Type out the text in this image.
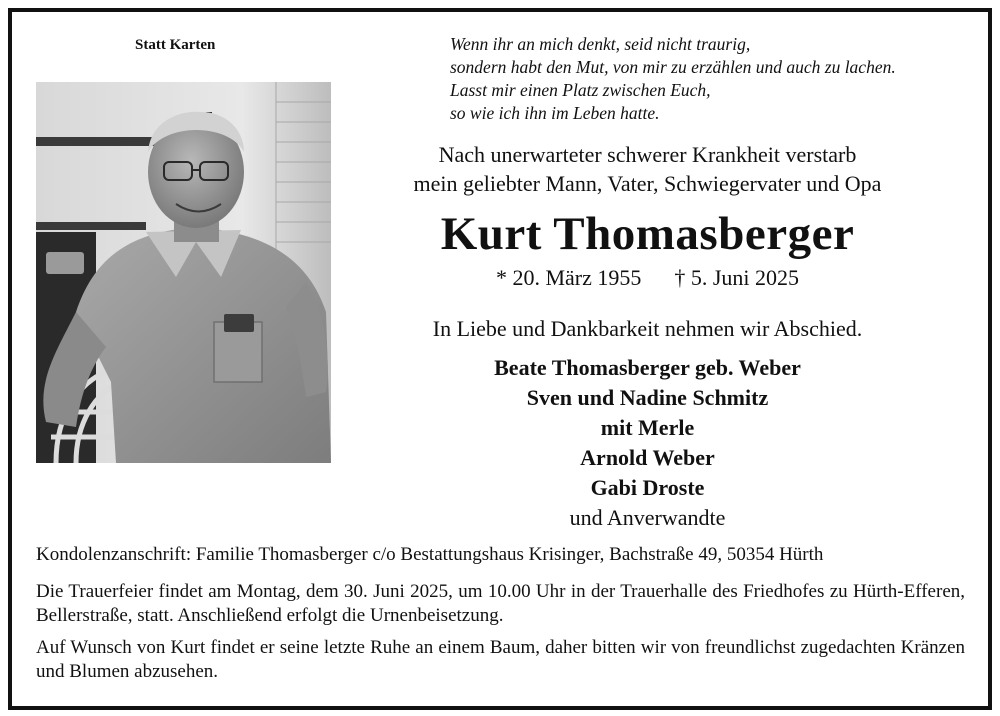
Statt Karten	Wenn ihr an mich denkt, seid nicht traurig,
sondern habt den Mut, von mir zu erzählen und auch zu lachen.
Lasst mir einen Platz zwischen Euch,
so wie ich ihn im Leben hatte.
Nach unerwarteter schwerer Krankheit verstarb
mein geliebter Mann, Vater, Schwiegervater und Opa
Kurt Thomasberger
* 20. März 1955 † 5. Juni 2025
In Liebe und Dankbarkeit nehmen wir Abschied.
Beate Thomasberger geb. Weber
Sven und Nadine Schmitz
mit Merle
Arnold Weber
Gabi Droste
und Anverwandte
Kondolenzanschrift: Familie Thomasberger c/o Bestattungshaus Krisinger, Bachstraße 49, 50354 Hürth
Die Trauerfeier findet am Montag, dem 30. Juni 2025, um 10.00 Uhr in der Trauerhalle des Friedhofes zu Hürth-Efferen, Bellerstraße, statt. Anschließend erfolgt die Urnenbeisetzung.
Auf Wunsch von Kurt findet er seine letzte Ruhe an einem Baum, daher bitten wir von freundlichst zugedachten Kränzen und Blumen abzusehen.
